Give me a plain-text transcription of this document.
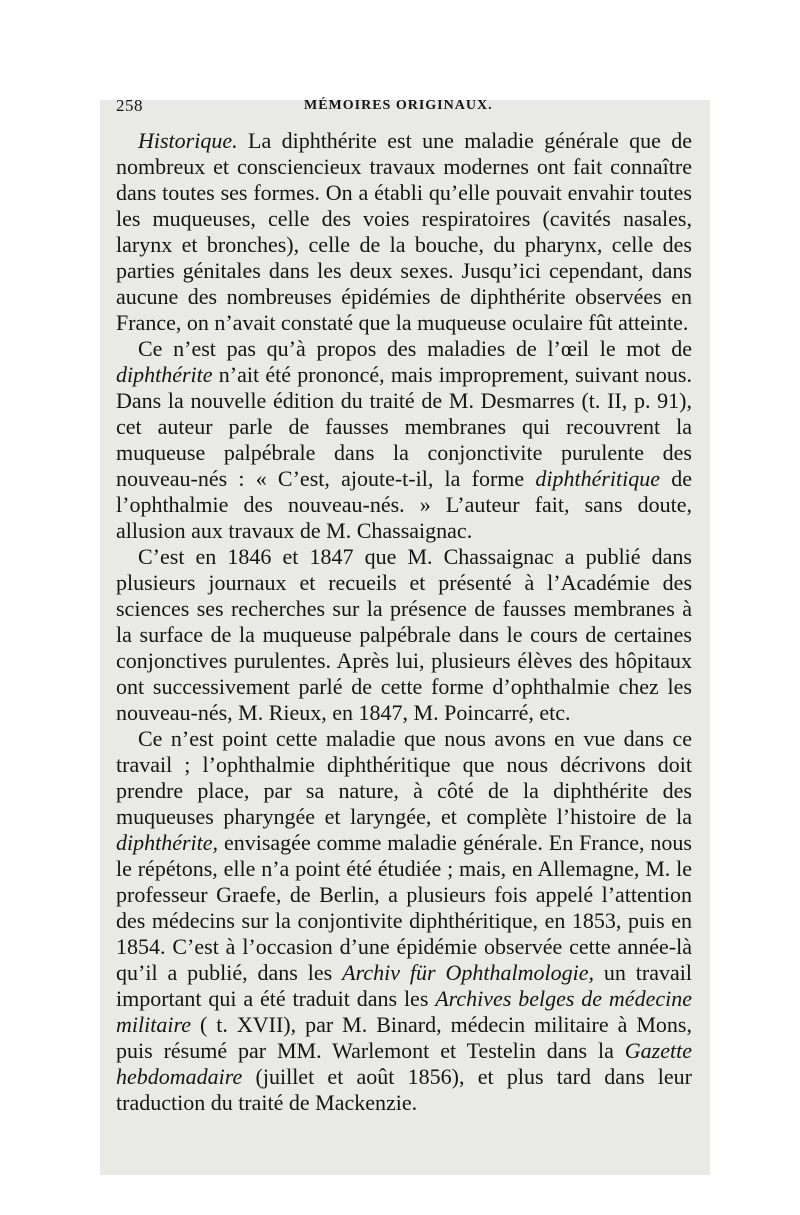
258	MÉMOIRES ORIGINAUX.

Historique. La diphthérite est une maladie générale que de nombreux et consciencieux travaux modernes ont fait connaître dans toutes ses formes. On a établi qu’elle pouvait envahir toutes les muqueuses, celle des voies respiratoires (cavités nasales, larynx et bronches), celle de la bouche, du pharynx, celle des parties génitales dans les deux sexes. Jusqu’ici cependant, dans aucune des nombreuses épidémies de diphthérite observées en France, on n’avait constaté que la muqueuse oculaire fût atteinte.

Ce n’est pas qu’à propos des maladies de l’œil le mot de diphthérite n’ait été prononcé, mais improprement, suivant nous. Dans la nouvelle édition du traité de M. Desmarres (t. II, p. 91), cet auteur parle de fausses membranes qui recouvrent la muqueuse palpébrale dans la conjonctivite purulente des nouveau-nés : « C’est, ajoute-t-il, la forme diphthéritique de l’ophthalmie des nouveau-nés. » L’auteur fait, sans doute, allusion aux travaux de M. Chassaignac.

C’est en 1846 et 1847 que M. Chassaignac a publié dans plusieurs journaux et recueils et présenté à l’Académie des sciences ses recherches sur la présence de fausses membranes à la surface de la muqueuse palpébrale dans le cours de certaines conjonctives purulentes. Après lui, plusieurs élèves des hôpitaux ont successivement parlé de cette forme d’ophthalmie chez les nouveau-nés, M. Rieux, en 1847, M. Poincarré, etc.

Ce n’est point cette maladie que nous avons en vue dans ce travail ; l’ophthalmie diphthéritique que nous décrivons doit prendre place, par sa nature, à côté de la diphthérite des muqueuses pharyngée et laryngée, et complète l’histoire de la diphthérite, envisagée comme maladie générale. En France, nous le répétons, elle n’a point été étudiée ; mais, en Allemagne, M. le professeur Graefe, de Berlin, a plusieurs fois appelé l’attention des médecins sur la conjontivite diphthéritique, en 1853, puis en 1854. C’est à l’occasion d’une épidémie observée cette année-là qu’il a publié, dans les Archiv für Ophthalmologie, un travail important qui a été traduit dans les Archives belges de médecine militaire ( t. XVII), par M. Binard, médecin militaire à Mons, puis résumé par MM. Warlemont et Testelin dans la Gazette hebdomadaire (juillet et août 1856), et plus tard dans leur traduction du traité de Mackenzie.
